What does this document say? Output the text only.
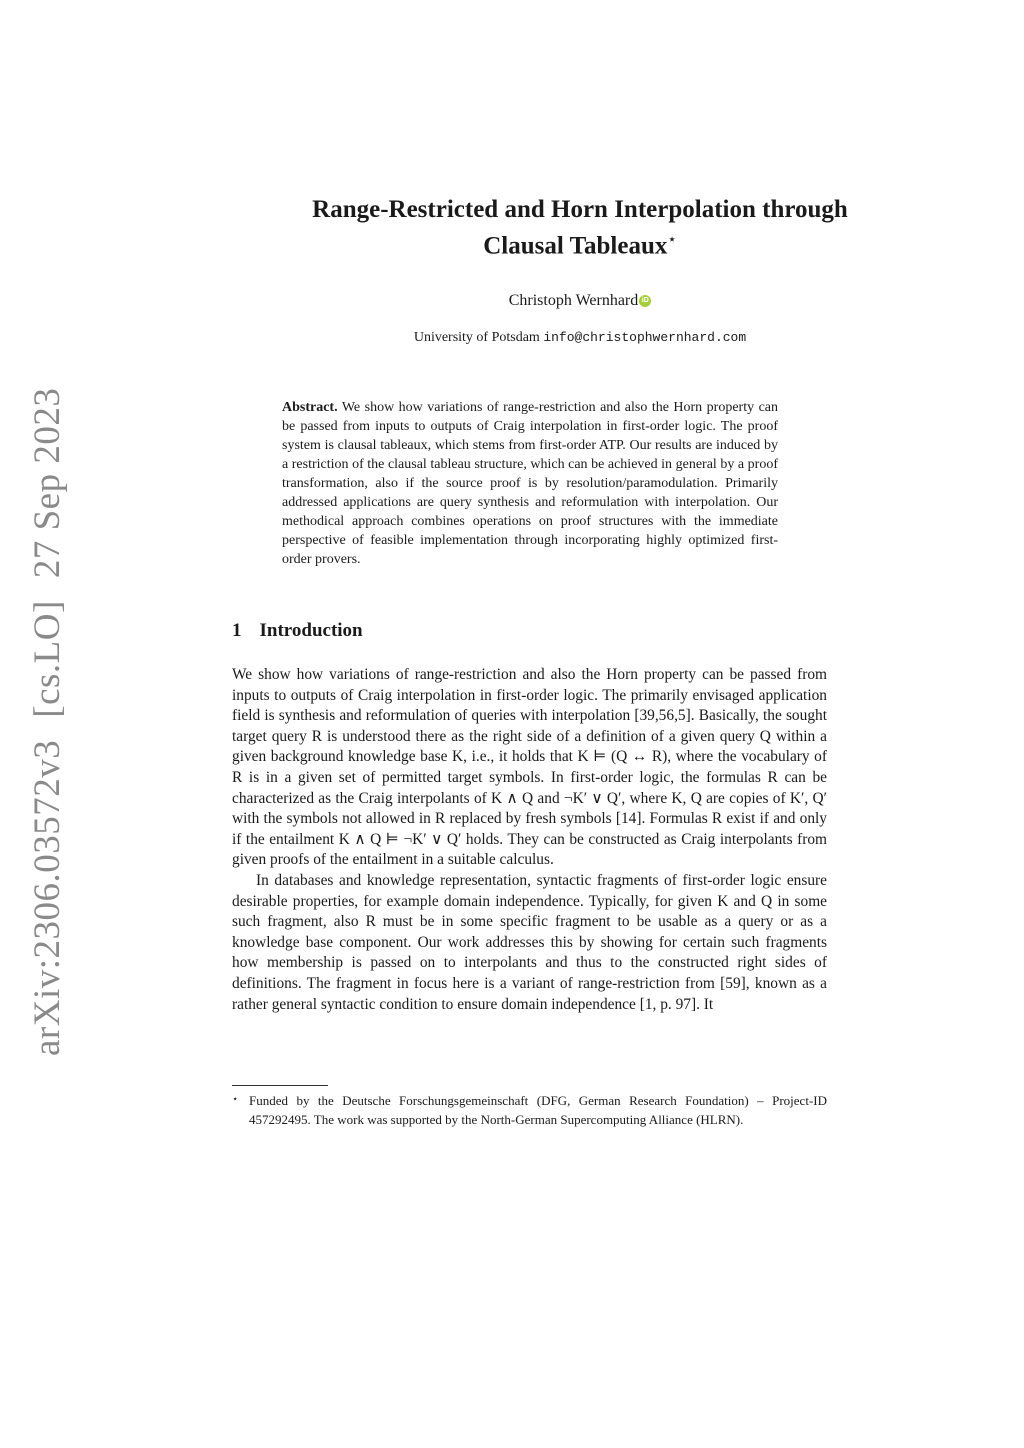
arXiv:2306.03572v3[cs.LO]27 Sep 2023
Range-Restricted and Horn Interpolation through
Clausal Tableaux⋆
Christoph Wernhard iD
University of Potsdam info@christophwernhard.com
Abstract. We show how variations of range-restriction and also the Horn property can be passed from inputs to outputs of Craig interpolation in first-order logic. The proof system is clausal tableaux, which stems from first-order ATP. Our results are induced by a restriction of the clausal tableau structure, which can be achieved in general by a proof transformation, also if the source proof is by resolution/paramodulation. Primarily addressed applications are query synthesis and reformulation with interpolation. Our methodical approach combines operations on proof structures with the immediate perspective of feasible implementation through incorporating highly optimized first-order provers.
1 Introduction

We show how variations of range-restriction and also the Horn property can be passed from inputs to outputs of Craig interpolation in first-order logic. The primarily envisaged application field is synthesis and reformulation of queries with interpolation [39,56,5]. Basically, the sought target query R is understood there as the right side of a definition of a given query Q within a given background knowledge base K, i.e., it holds that K ⊨ (Q ↔ R), where the vocabulary of R is in a given set of permitted target symbols. In first-order logic, the formulas R can be characterized as the Craig interpolants of K ∧ Q and ¬K′ ∨ Q′, where K, Q are copies of K′, Q′ with the symbols not allowed in R replaced by fresh symbols [14]. Formulas R exist if and only if the entailment K ∧ Q ⊨ ¬K′ ∨ Q′ holds. They can be constructed as Craig interpolants from given proofs of the entailment in a suitable calculus.

In databases and knowledge representation, syntactic fragments of first-order logic ensure desirable properties, for example domain independence. Typically, for given K and Q in some such fragment, also R must be in some specific fragment to be usable as a query or as a knowledge base component. Our work addresses this by showing for certain such fragments how membership is passed on to interpolants and thus to the constructed right sides of definitions. The fragment in focus here is a variant of range-restriction from [59], known as a rather general syntactic condition to ensure domain independence [1, p. 97]. It

⋆ Funded by the Deutsche Forschungsgemeinschaft (DFG, German Research Foundation) – Project-ID 457292495. The work was supported by the North-German Supercomputing Alliance (HLRN).
